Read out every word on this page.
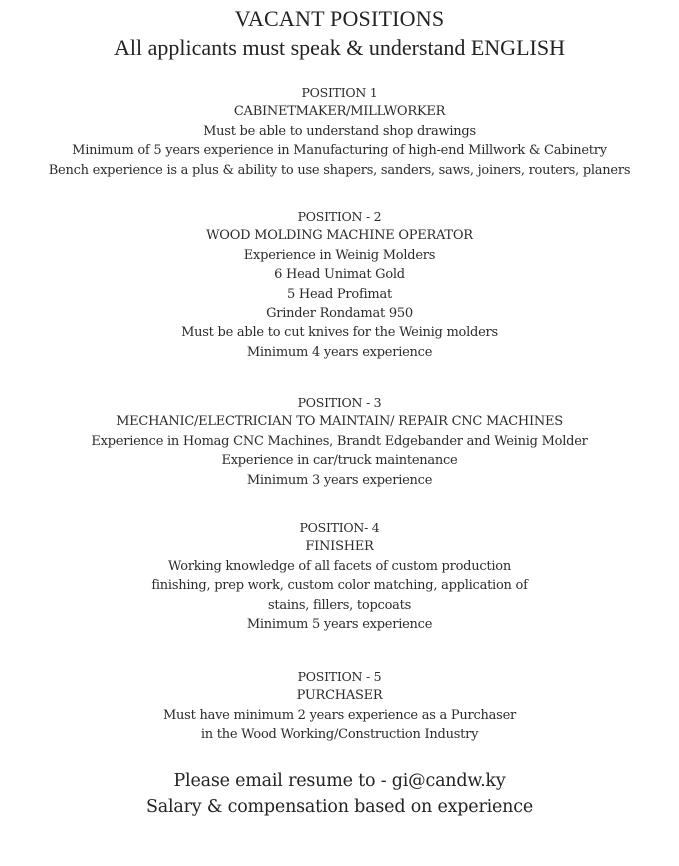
VACANT POSITIONS
All applicants must speak & understand ENGLISH
POSITION 1
CABINETMAKER/MILLWORKER
Must be able to understand shop drawings
Minimum of 5 years experience in Manufacturing of high-end Millwork & Cabinetry
Bench experience is a plus & ability to use shapers, sanders, saws, joiners, routers, planers
POSITION - 2
WOOD MOLDING MACHINE OPERATOR
Experience in Weinig Molders
6 Head Unimat Gold
5 Head Profimat
Grinder Rondamat 950
Must be able to cut knives for the Weinig molders
Minimum 4 years experience
POSITION - 3
MECHANIC/ELECTRICIAN TO MAINTAIN/ REPAIR CNC MACHINES
Experience in Homag CNC Machines, Brandt Edgebander and Weinig Molder
Experience in car/truck maintenance
Minimum 3 years experience
POSITION- 4
FINISHER
Working knowledge of all facets of custom production
finishing, prep work, custom color matching, application of
stains, fillers, topcoats
Minimum 5 years experience
POSITION - 5
PURCHASER
Must have minimum 2 years experience as a Purchaser
in the Wood Working/Construction Industry
Please email resume to - gi@candw.ky
Salary & compensation based on experience
